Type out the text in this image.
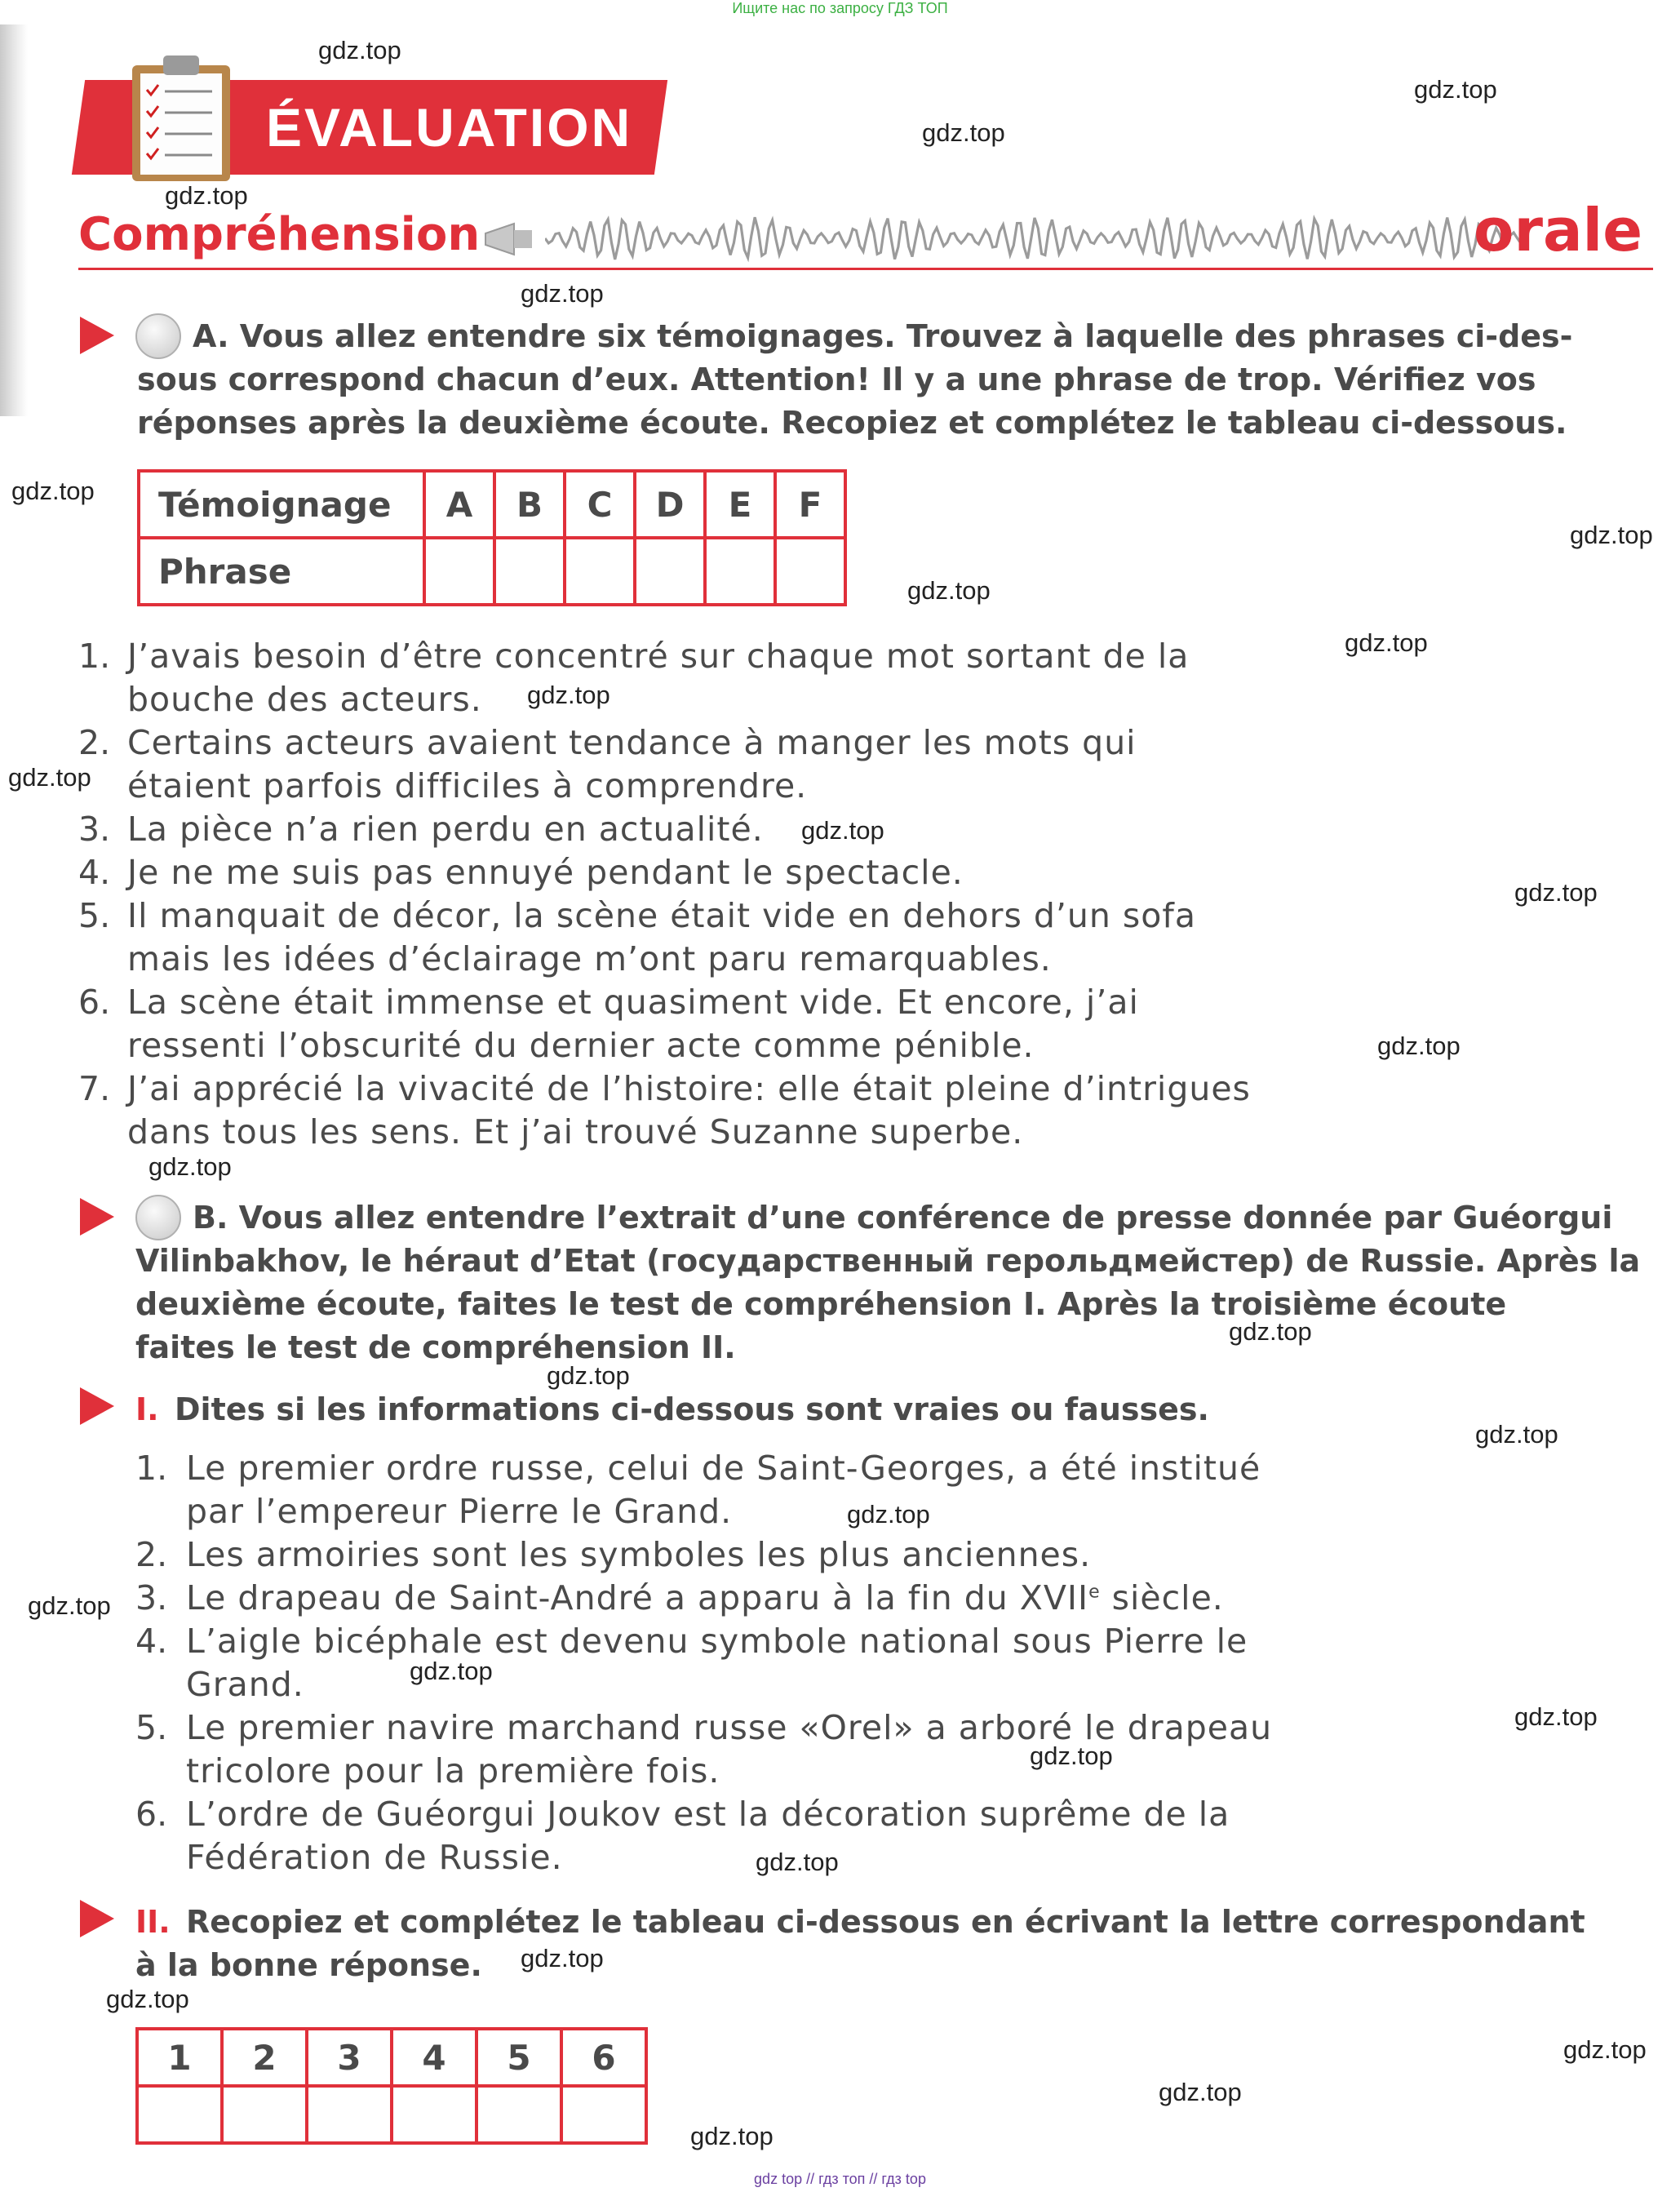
Ищите нас по запросу ГДЗ ТОП
ÉVALUATION
Compréhension	orale
A. Vous allez entendre six témoignages. Trouvez à laquelle des phrases ci-des-
sous correspond chacun d’eux. Attention! Il y a une phrase de trop. Vérifiez vos
réponses après la deuxième écoute. Recopiez et complétez le tableau ci-dessous.
Témoignage	A	B	C	D	E	F
Phrase						
1. J’avais besoin d’être concentré sur chaque mot sortant de la
bouche des acteurs.
2. Certains acteurs avaient tendance à manger les mots qui
étaient parfois difficiles à comprendre.
3. La pièce n’a rien perdu en actualité.
4. Je ne me suis pas ennuyé pendant le spectacle.
5. Il manquait de décor, la scène était vide en dehors d’un sofa
mais les idées d’éclairage m’ont paru remarquables.
6. La scène était immense et quasiment vide. Et encore, j’ai
ressenti l’obscurité du dernier acte comme pénible.
7. J’ai apprécié la vivacité de l’histoire: elle était pleine d’intrigues
dans tous les sens. Et j’ai trouvé Suzanne superbe.
B. Vous allez entendre l’extrait d’une conférence de presse donnée par Guéorgui
Vilinbakhov, le héraut d’Etat (государственный герольдмейстер) de Russie. Après la
deuxième écoute, faites le test de compréhension I. Après la troisième écoute
faites le test de compréhension II.
I. Dites si les informations ci-dessous sont vraies ou fausses.
1. Le premier ordre russe, celui de Saint-Georges, a été institué
par l’empereur Pierre le Grand.
2. Les armoiries sont les symboles les plus anciennes.
3. Le drapeau de Saint-André a apparu à la fin du XVIIe siècle.
4. L’aigle bicéphale est devenu symbole national sous Pierre le
Grand.
5. Le premier navire marchand russe «Orel» a arboré le drapeau
tricolore pour la première fois.
6. L’ordre de Guéorgui Joukov est la décoration suprême de la
Fédération de Russie.
II. Recopiez et complétez le tableau ci-dessous en écrivant la lettre correspondant
à la bonne réponse.
1	2	3	4	5	6

gdz.top
gdz.top
gdz.top
gdz.top
gdz.top
gdz.top
gdz.top
gdz.top
gdz.top
gdz.top
gdz.top
gdz.top
gdz.top
gdz.top
gdz.top
gdz.top
gdz.top
gdz.top
gdz.top
gdz.top
gdz.top
gdz.top
gdz.top
gdz.top
gdz.top
gdz.top
gdz.top
gdz.top
gdz.top
gdz top // гдз топ // гдз top
